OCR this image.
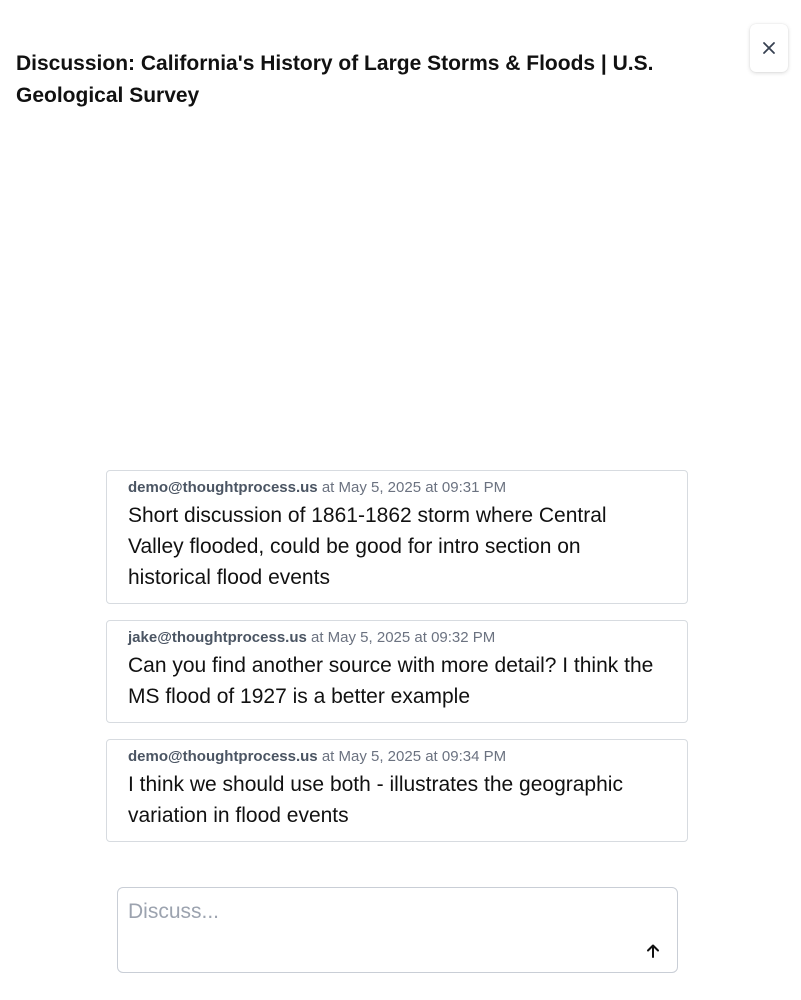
Discussion: California's History of Large Storms & Floods | U.S. Geological Survey
demo@thoughtprocess.us at May 5, 2025 at 09:31 PM
Short discussion of 1861-1862 storm where Central Valley flooded, could be good for intro section on historical flood events
jake@thoughtprocess.us at May 5, 2025 at 09:32 PM
Can you find another source with more detail? I think the MS flood of 1927 is a better example
demo@thoughtprocess.us at May 5, 2025 at 09:34 PM
I think we should use both - illustrates the geographic variation in flood events
Discuss...
